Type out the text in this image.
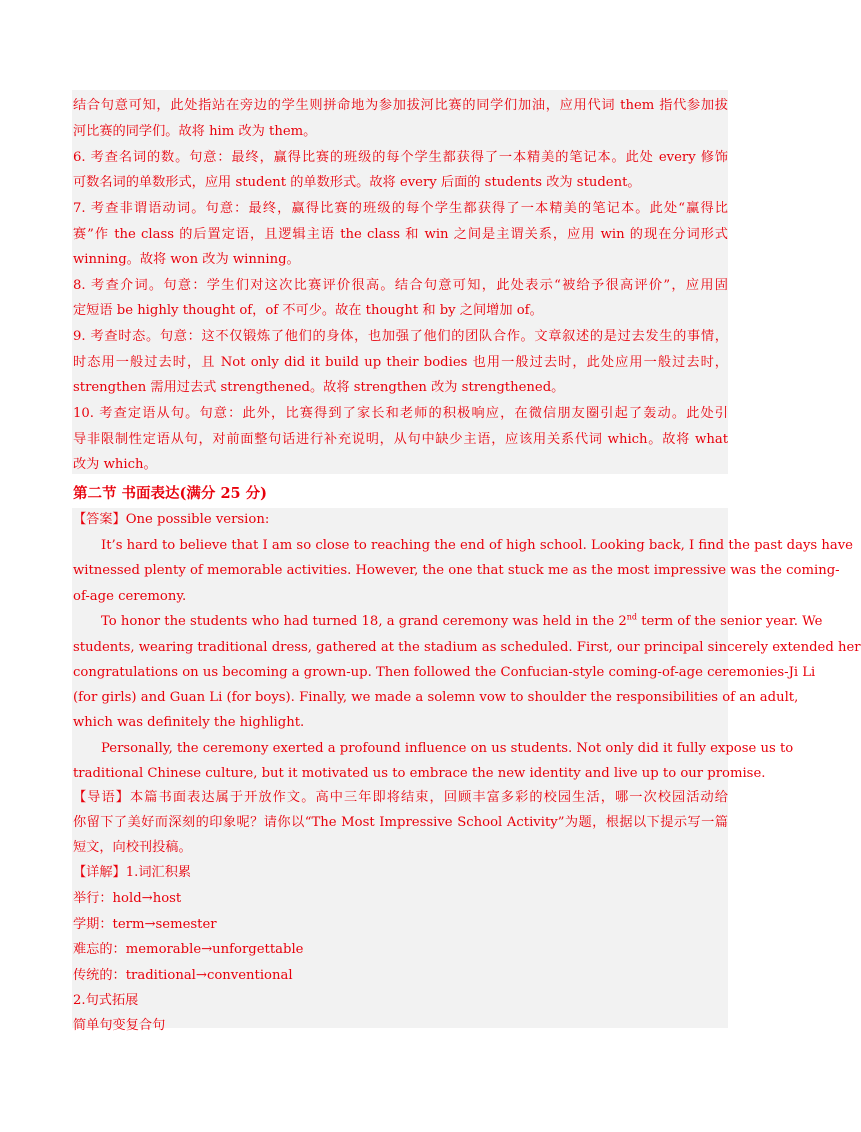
结合句意可知，此处指站在旁边的学生则拼命地为参加拔河比赛的同学们加油，应用代词 them 指代参加拔
河比赛的同学们。故将 him 改为 them。
6. 考查名词的数。句意：最终，赢得比赛的班级的每个学生都获得了一本精美的笔记本。此处 every 修饰
可数名词的单数形式，应用 student 的单数形式。故将 every 后面的 students 改为 student。
7. 考查非谓语动词。句意：最终，赢得比赛的班级的每个学生都获得了一本精美的笔记本。此处“赢得比
赛”作 the class 的后置定语，且逻辑主语 the class 和 win 之间是主谓关系，应用 win 的现在分词形式
winning。故将 won 改为 winning。
8. 考查介词。句意：学生们对这次比赛评价很高。结合句意可知，此处表示“被给予很高评价”，应用固
定短语 be highly thought of，of 不可少。故在 thought 和 by 之间增加 of。
9. 考查时态。句意：这不仅锻炼了他们的身体，也加强了他们的团队合作。文章叙述的是过去发生的事情，
时态用一般过去时，且 Not only did it build up their bodies 也用一般过去时，此处应用一般过去时，
strengthen 需用过去式 strengthened。故将 strengthen 改为 strengthened。
10. 考查定语从句。句意：此外，比赛得到了家长和老师的积极响应，在微信朋友圈引起了轰动。此处引
导非限制性定语从句，对前面整句话进行补充说明，从句中缺少主语，应该用关系代词 which。故将 what
改为 which。
第二节 书面表达(满分 25 分)
【答案】One possible version:
It’s hard to believe that I am so close to reaching the end of high school. Looking back, I find the past days have
witnessed plenty of memorable activities. However, the one that stuck me as the most impressive was the coming-
of-age ceremony.
To honor the students who had turned 18, a grand ceremony was held in the 2nd term of the senior year. We
students, wearing traditional dress, gathered at the stadium as scheduled. First, our principal sincerely extended her
congratulations on us becoming a grown-up. Then followed the Confucian-style coming-of-age ceremonies-Ji Li
(for girls) and Guan Li (for boys). Finally, we made a solemn vow to shoulder the responsibilities of an adult,
which was definitely the highlight.
Personally, the ceremony exerted a profound influence on us students. Not only did it fully expose us to
traditional Chinese culture, but it motivated us to embrace the new identity and live up to our promise.
【导语】本篇书面表达属于开放作文。高中三年即将结束，回顾丰富多彩的校园生活，哪一次校园活动给
你留下了美好而深刻的印象呢？请你以“The Most Impressive School Activity”为题，根据以下提示写一篇
短文，向校刊投稿。
【详解】1.词汇积累
举行：hold→host
学期：term→semester
难忘的：memorable→unforgettable
传统的：traditional→conventional
2.句式拓展
简单句变复合句
